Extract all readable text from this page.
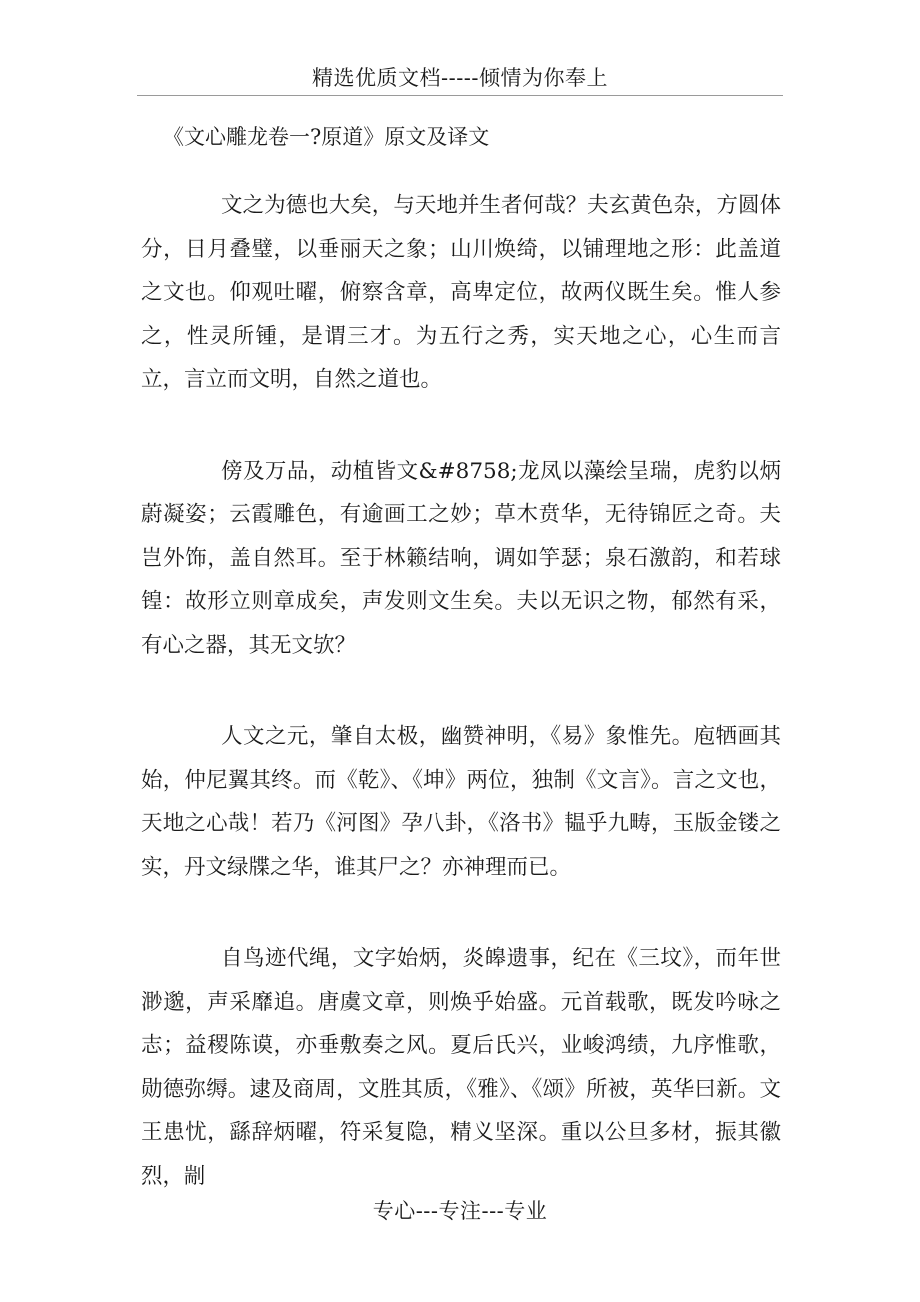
精选优质文档-----倾情为你奉上
《文心雕龙卷一?原道》原文及译文

文之为德也大矣，与天地并生者何哉？夫玄黄色杂，方圆体分，日月叠璧，以垂丽天之象；山川焕绮，以铺理地之形：此盖道之文也。仰观吐曜，俯察含章，高卑定位，故两仪既生矣。惟人参之，性灵所锺，是谓三才。为五行之秀，实天地之心，心生而言立，言立而文明，自然之道也。

傍及万品，动植皆文&#8758;龙凤以藻绘呈瑞，虎豹以炳蔚凝姿；云霞雕色，有逾画工之妙；草木贲华，无待锦匠之奇。夫岂外饰，盖自然耳。至于林籁结响，调如竽瑟；泉石激韵，和若球锽：故形立则章成矣，声发则文生矣。夫以无识之物，郁然有采，有心之器，其无文欤？

人文之元，肇自太极，幽赞神明，《易》象惟先。庖牺画其始，仲尼翼其终。而《乾》、《坤》两位，独制《文言》。言之文也，天地之心哉！若乃《河图》孕八卦，《洛书》韫乎九畴，玉版金镂之实，丹文绿牒之华，谁其尸之？亦神理而已。

自鸟迹代绳，文字始炳，炎皞遗事，纪在《三坟》，而年世渺邈，声采靡追。唐虞文章，则焕乎始盛。元首载歌，既发吟咏之志；益稷陈谟，亦垂敷奏之风。夏后氏兴，业峻鸿绩，九序惟歌，勋德弥缛。逮及商周，文胜其质，《雅》、《颂》所被，英华曰新。文王患忧，繇辞炳曜，符采复隐，精义坚深。重以公旦多材，振其徽烈，剬

专心---专注---专业
